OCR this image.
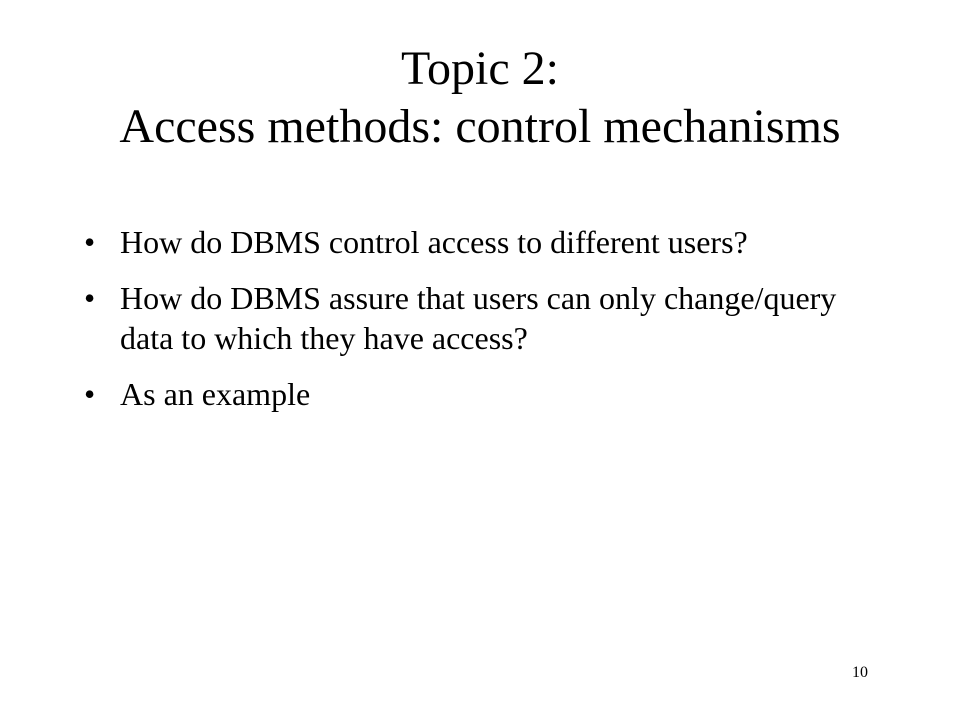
Topic 2:
Access methods: control mechanisms
• How do DBMS control access to different users?
• How do DBMS assure that users can only change/query data to which they have access?
• As an example
10
